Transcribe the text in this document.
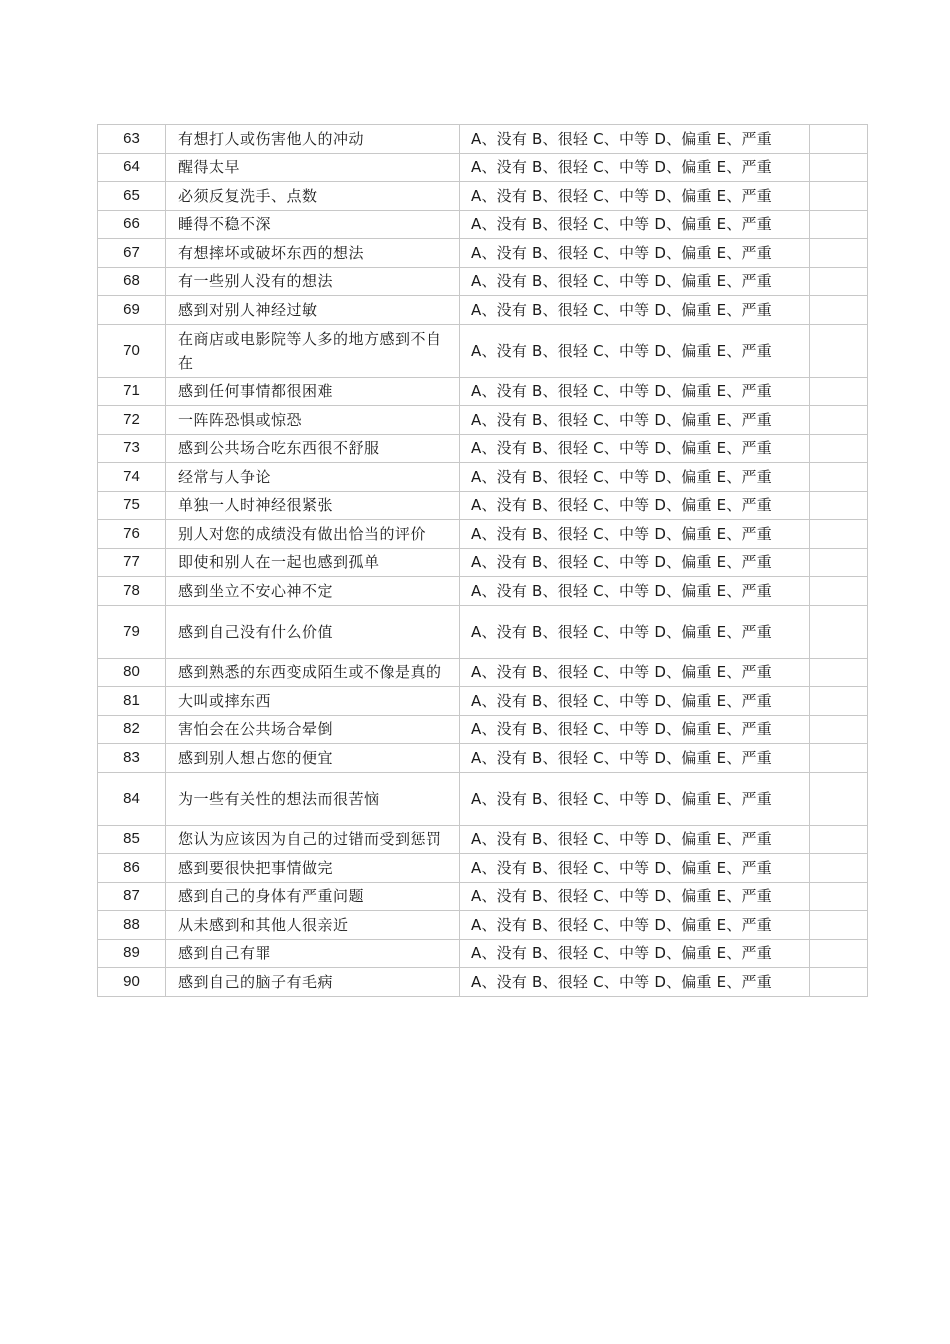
63	有想打人或伤害他人的冲动	A、没有 B、很轻 C、中等 D、偏重 E、严重	
64	醒得太早	A、没有 B、很轻 C、中等 D、偏重 E、严重	
65	必须反复洗手、点数	A、没有 B、很轻 C、中等 D、偏重 E、严重	
66	睡得不稳不深	A、没有 B、很轻 C、中等 D、偏重 E、严重	
67	有想摔坏或破坏东西的想法	A、没有 B、很轻 C、中等 D、偏重 E、严重	
68	有一些别人没有的想法	A、没有 B、很轻 C、中等 D、偏重 E、严重	
69	感到对别人神经过敏	A、没有 B、很轻 C、中等 D、偏重 E、严重	
70	在商店或电影院等人多的地方感到不自在	A、没有 B、很轻 C、中等 D、偏重 E、严重	
71	感到任何事情都很困难	A、没有 B、很轻 C、中等 D、偏重 E、严重	
72	一阵阵恐惧或惊恐	A、没有 B、很轻 C、中等 D、偏重 E、严重	
73	感到公共场合吃东西很不舒服	A、没有 B、很轻 C、中等 D、偏重 E、严重	
74	经常与人争论	A、没有 B、很轻 C、中等 D、偏重 E、严重	
75	单独一人时神经很紧张	A、没有 B、很轻 C、中等 D、偏重 E、严重	
76	别人对您的成绩没有做出恰当的评价	A、没有 B、很轻 C、中等 D、偏重 E、严重	
77	即使和别人在一起也感到孤单	A、没有 B、很轻 C、中等 D、偏重 E、严重	
78	感到坐立不安心神不定	A、没有 B、很轻 C、中等 D、偏重 E、严重	
79	感到自己没有什么价值	A、没有 B、很轻 C、中等 D、偏重 E、严重	
80	感到熟悉的东西变成陌生或不像是真的	A、没有 B、很轻 C、中等 D、偏重 E、严重	
81	大叫或摔东西	A、没有 B、很轻 C、中等 D、偏重 E、严重	
82	害怕会在公共场合晕倒	A、没有 B、很轻 C、中等 D、偏重 E、严重	
83	感到别人想占您的便宜	A、没有 B、很轻 C、中等 D、偏重 E、严重	
84	为一些有关性的想法而很苦恼	A、没有 B、很轻 C、中等 D、偏重 E、严重	
85	您认为应该因为自己的过错而受到惩罚	A、没有 B、很轻 C、中等 D、偏重 E、严重	
86	感到要很快把事情做完	A、没有 B、很轻 C、中等 D、偏重 E、严重	
87	感到自己的身体有严重问题	A、没有 B、很轻 C、中等 D、偏重 E、严重	
88	从未感到和其他人很亲近	A、没有 B、很轻 C、中等 D、偏重 E、严重	
89	感到自己有罪	A、没有 B、很轻 C、中等 D、偏重 E、严重	
90	感到自己的脑子有毛病	A、没有 B、很轻 C、中等 D、偏重 E、严重	
